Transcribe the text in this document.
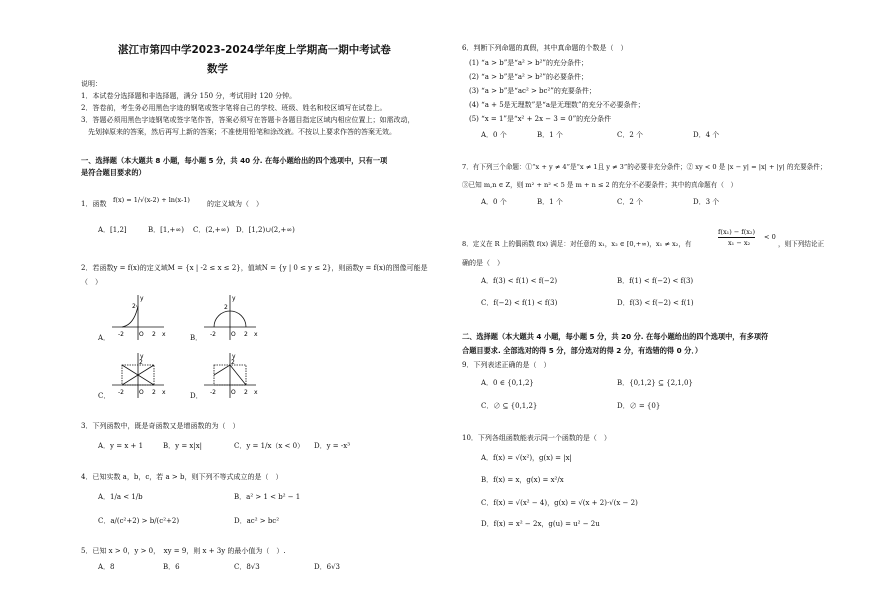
湛江市第四中学2023-2024学年度上学期高一期中考试卷
数学
说明：
1．本试卷分选择题和非选择题，满分 150 分，考试用时 120 分钟。
2．答卷前，考生务必用黑色字迹的钢笔或签字笔将自己的学校、班级、姓名和校区填写在试卷上。
3．答题必须用黑色字迹钢笔或签字笔作答，答案必须写在答题卡各题目指定区域内相应位置上；如需改动，
先划掉原来的答案，然后再写上新的答案；不准使用铅笔和涂改液。不按以上要求作答的答案无效。
一、选择题（本大题共 8 小题，每小题 5 分，共 40 分. 在每小题给出的四个选项中，只有一项
是符合题目要求的）
1．函数 f(x) = 1/√(x-2) + ln(x-1) 的定义域为（　）
A．[1,2]	B．[1,+∞) C．(2,+∞) D．[1,2)∪(2,+∞)
2．若函数y = f(x)的定义域M = {x | -2 ≤ x ≤ 2}，值域N = {y | 0 ≤ y ≤ 2}，则函数y = f(x)的图像可能是
（　）
A．	B．
C．	D．
y
x
-2	O 2
2
y
x
-2	O 2
2
y
x
-2	O 2
2
y
x
-2	O 2
2
3．下列函数中，既是奇函数又是增函数的为（　）
A．y = x + 1	B．y = x|x|	C．y = 1/x（x < 0） D．y = -x³
4．已知实数 a，b，c，若 a > b，则下列不等式成立的是（　）
A．1/a < 1/b	B．a² > 1 < b² − 1
C．a/(c²+2) > b/(c²+2)	D．ac² > bc²
5．已知 x > 0，y > 0，　xy = 9，则 x + 3y 的最小值为（　）.
A．8	B．6	C．8√3	D．6√3
6．判断下列命题的真假，其中真命题的个数是（　）
(1) “a > b”是“a² > b²”的充分条件；
(2) “a > b”是“a² > b²”的必要条件；
(3) “a > b”是“ac² > bc²”的充要条件；
(4) “a + 5是无理数”是“a是无理数”的充分不必要条件；
(5) “x = 1”是“x² + 2x − 3 = 0”的充分条件
A．0 个	B．1 个	C．2 个	D．4 个
7．有下列三个命题：①“x + y ≠ 4”是“x ≠ 1且 y ≠ 3”的必要非充分条件；② xy < 0 是 |x − y| = |x| + |y| 的充要条件；
③已知 m,n ∈ Z，则 m² + n² < 5 是 m + n ≤ 2 的充分不必要条件；其中的真命题有（　）
A．0 个	B．1 个	C．2 个	D．3 个
8．定义在 R 上的偶函数 f(x) 满足：对任意的 x₁，x₂ ∈ [0,+∞)，x₁ ≠ x₂，有
f(x₁) − f(x₂)
x₁ − x₂
< 0
，则下列结论正
确的是（　）
A．f(3) < f(1) < f(−2)	B．f(1) < f(−2) < f(3)
C．f(−2) < f(1) < f(3)	D．f(3) < f(−2) < f(1)
二、选择题（本大题共 4 小题，每小题 5 分，共 20 分. 在每小题给出的四个选项中，有多项符
合题目要求. 全部选对的得 5 分，部分选对的得 2 分，有选错的得 0 分．）
9．下列表述正确的是（　）
A．0 ∈ {0,1,2}	B．{0,1,2} ⊆ {2,1,0}
C．∅ ⊆ {0,1,2}	D．∅ = {0}
10．下列各组函数能表示同一个函数的是（　）
A．f(x) = √(x²)，g(x) = |x|
B．f(x) = x，g(x) = x²/x
C．f(x) = √(x² − 4)，g(x) = √(x + 2)·√(x − 2)
D．f(x) = x² − 2x，g(u) = u² − 2u
